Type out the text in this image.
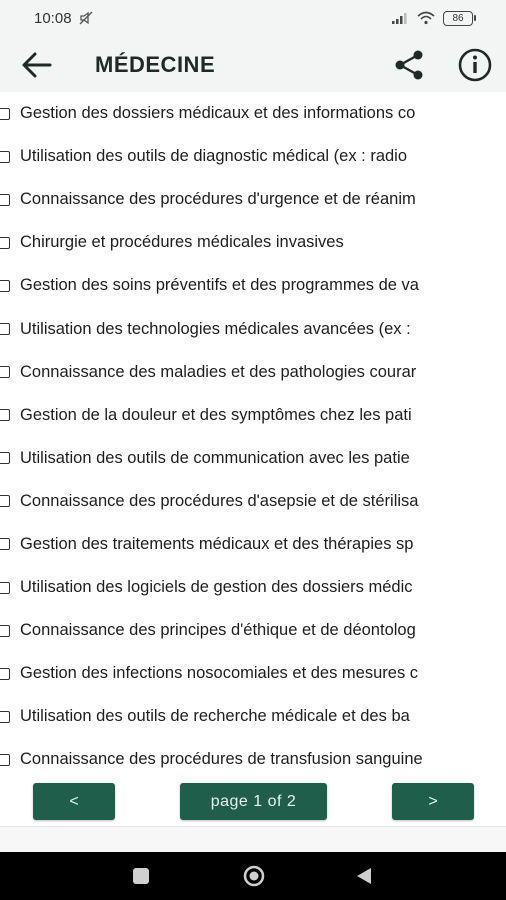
10:08	86
MÉDECINE
Gestion des dossiers médicaux et des informations co
Utilisation des outils de diagnostic médical (ex : radio
Connaissance des procédures d'urgence et de réanim
Chirurgie et procédures médicales invasives
Gestion des soins préventifs et des programmes de va
Utilisation des technologies médicales avancées (ex :
Connaissance des maladies et des pathologies courar
Gestion de la douleur et des symptômes chez les pati
Utilisation des outils de communication avec les patie
Connaissance des procédures d'asepsie et de stérilisa
Gestion des traitements médicaux et des thérapies sp
Utilisation des logiciels de gestion des dossiers médic
Connaissance des principes d'éthique et de déontolog
Gestion des infections nosocomiales et des mesures c
Utilisation des outils de recherche médicale et des ba
Connaissance des procédures de transfusion sanguine
<	page 1 of 2	>
